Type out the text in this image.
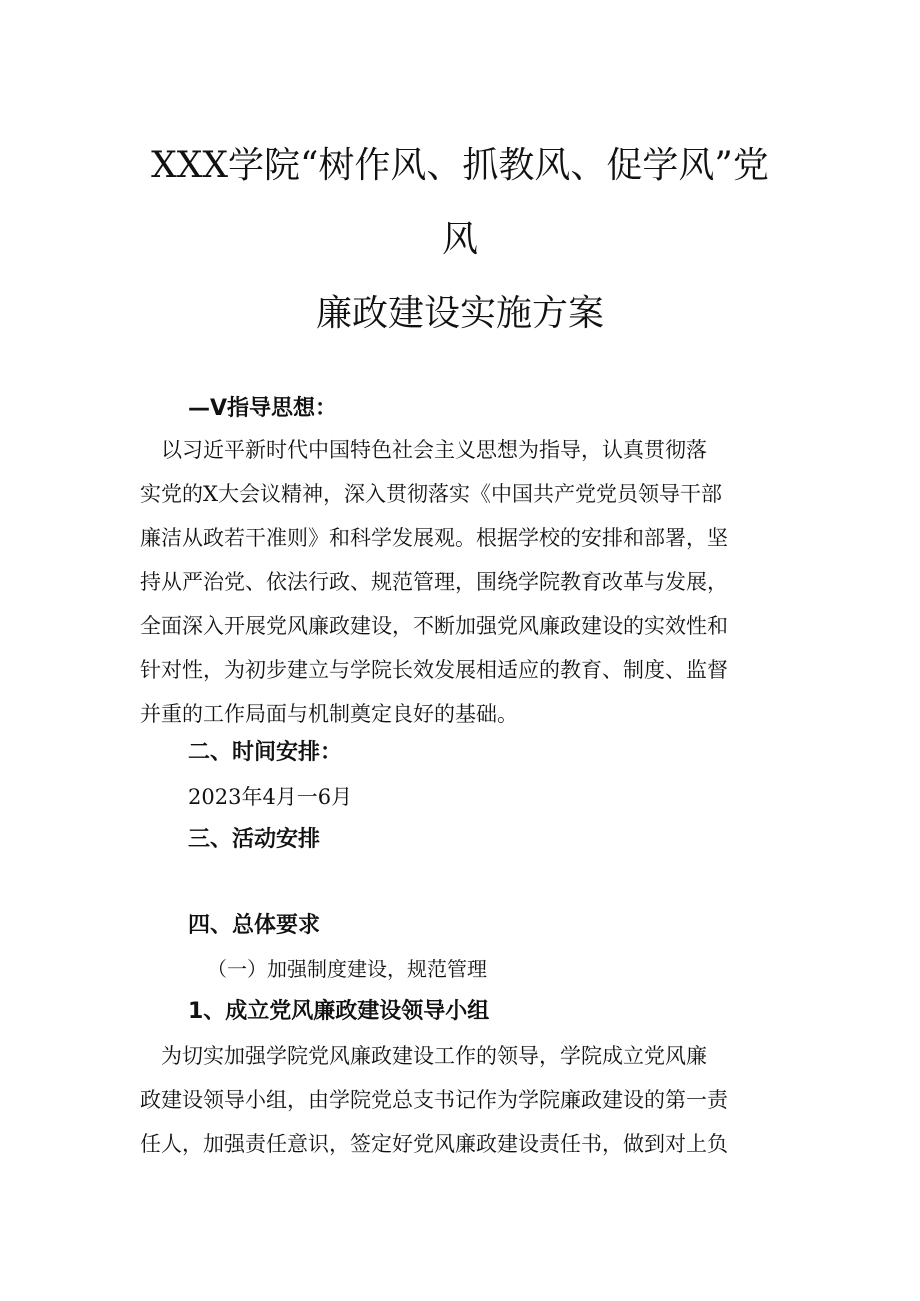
XXX学院“树作风、抓教风、促学风”党
风
廉政建设实施方案
—V指导思想：
　以习近平新时代中国特色社会主义思想为指导，认真贯彻落
实党的X大会议精神，深入贯彻落实《中国共产党党员领导干部
廉洁从政若干准则》和科学发展观。根据学校的安排和部署，坚
持从严治党、依法行政、规范管理，围绕学院教育改革与发展，
全面深入开展党风廉政建设，不断加强党风廉政建设的实效性和
针对性，为初步建立与学院长效发展相适应的教育、制度、监督
并重的工作局面与机制奠定良好的基础。
二、时间安排：
2023年4月一6月
三、活动安排
四、总体要求
（一）加强制度建设，规范管理
1、成立党风廉政建设领导小组
　为切实加强学院党风廉政建设工作的领导，学院成立党风廉
政建设领导小组，由学院党总支书记作为学院廉政建设的第一责
任人，加强责任意识，签定好党风廉政建设责任书，做到对上负
